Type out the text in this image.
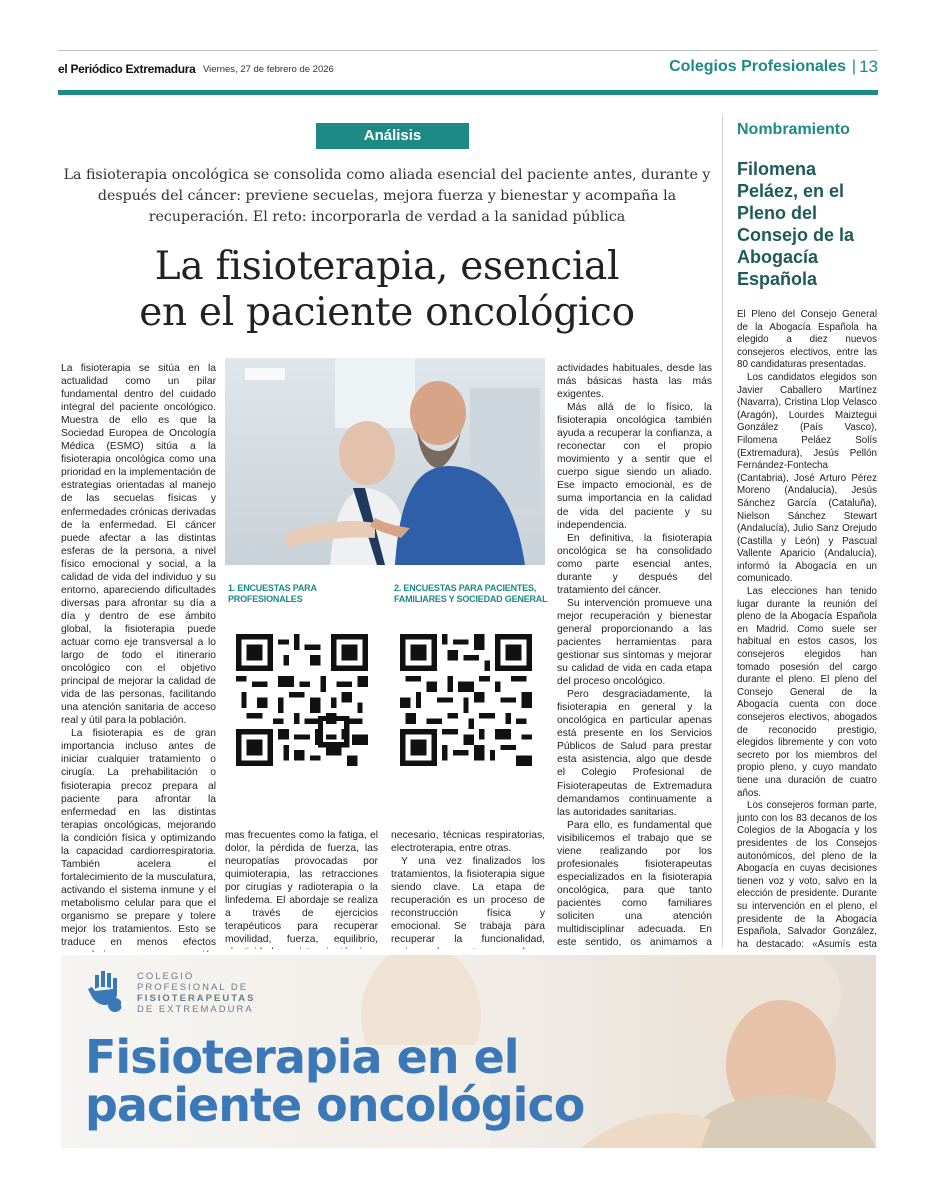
el Periódico Extremadura Viernes, 27 de febrero de 2026	Colegios Profesionales | 13
Análisis
La fisioterapia oncológica se consolida como aliada esencial del paciente antes, durante y después del cáncer: previene secuelas, mejora fuerza y bienestar y acompaña la recuperación. El reto: incorporarla de verdad a la sanidad pública
La fisioterapia, esencial
en el paciente oncológico

La fisioterapia se sitúa en la actualidad como un pilar fundamental dentro del cuidado integral del paciente oncológico. Muestra de ello es que la Sociedad Europea de Oncología Médica (ESMO) sitúa a la fisioterapia oncológica como una prioridad en la implementación de estrategias orientadas al manejo de las secuelas físicas y enfermedades crónicas derivadas de la enfermedad. El cáncer puede afectar a las distintas esferas de la persona, a nivel físico emocional y social, a la calidad de vida del individuo y su entorno, apareciendo dificultades diversas para afrontar su día a día y dentro de ese ámbito global, la fisioterapia puede actuar como eje transversal a lo largo de todo el itinerario oncológico con el objetivo principal de mejorar la calidad de vida de las personas, facilitando una atención sanitaria de acceso real y útil para la población.

La fisioterapia es de gran importancia incluso antes de iniciar cualquier tratamiento o cirugía. La prehabilitación o fisioterapia precoz prepara al paciente para afrontar la enfermedad en las distintas terapias oncológicas, mejorando la condición física y optimizando la capacidad cardiorrespiratoria. También acelera el fortalecimiento de la musculatura, activando el sistema inmune y el metabolismo celular para que el organismo se prepare y tolere mejor los tratamientos. Esto se traduce en menos efectos

1. ENCUESTAS PARA PROFESIONALES
2. ENCUESTAS PARA PACIENTES, FAMILIARES Y SOCIEDAD GENERAL

mas frecuentes como la fatiga, el dolor, la pérdida de fuerza, las neuropatías provocadas por quimioterapia, las retracciones por cirugías y radioterapia o la linfedema. El abordaje se realiza a través de ejercicios terapéuticos para recuperar movilidad, fuerza, equilibrio,

necesario, técnicas respiratorias, electroterapia, entre otras.

Y una vez finalizados los tratamientos, la fisioterapia sigue siendo clave. La etapa de recuperación es un proceso de reconstrucción física y emocional. Se trabaja para recuperar la funcionalidad,

actividades habituales, desde las más básicas hasta las más exigentes.

Más allá de lo físico, la fisioterapia oncológica también ayuda a recuperar la confianza, a reconectar con el propio movimiento y a sentir que el cuerpo sigue siendo un aliado. Ese impacto emocional, es de suma importancia en la calidad de vida del paciente y su independencia.

En definitiva, la fisioterapia oncológica se ha consolidado como parte esencial antes, durante y después del tratamiento del cáncer.

Su intervención promueve una mejor recuperación y bienestar general proporcionando a las pacientes herramientas para gestionar sus síntomas y mejorar su calidad de vida en cada etapa del proceso oncológico.

Pero desgraciadamente, la fisioterapia en general y la oncológica en particular apenas está presente en los Servicios Públicos de Salud para prestar esta asistencia, algo que desde el Colegio Profesional de Fisioterapeutas de Extremadura demandamos continuamente a las autoridades sanitarias.

Para ello, es fundamental que visibilicemos el trabajo que se viene realizando por los profesionales fisioterapeutas especializados en la fisioterapia oncológica, para que tanto pacientes como familiares soliciten una atención multidisciplinar adecuada. En este sentido, os animamos a

Nombramiento
Filomena Peláez, en el Pleno del Consejo de la Abogacía Española

El Pleno del Consejo General de la Abogacía Española ha elegido a diez nuevos consejeros electivos, entre las 80 candidaturas presentadas.

Los candidatos elegidos son Javier Caballero Martínez (Navarra), Cristina Llop Velasco (Aragón), Lourdes Maiztegui González (País Vasco), Filomena Peláez Solís (Extremadura), Jesús Pellón Fernández-Fontecha (Cantabria), José Arturo Pérez Moreno (Andalucía), Jesús Sánchez García (Cataluña), Nielson Sánchez Stewart (Andalucía), Julio Sanz Orejudo (Castilla y León) y Pascual Vallente Aparicio (Andalucía), informó la Abogacía en un comunicado.

Las elecciones han tenido lugar durante la reunión del pleno de la Abogacía Española en Madrid. Como suele ser habitual en estos casos, los consejeros elegidos han tomado posesión del cargo durante el pleno. El pleno del Consejo General de la Abogacía cuenta con doce consejeros electivos, abogados de reconocido prestigio, elegidos libremente y con voto secreto por los miembros del propio pleno, y cuyo mandato tiene una duración de cuatro años.

Los consejeros forman parte, junto con los 83 decanos de los Colegios de la Abogacía y los presidentes de los Consejos autonómicos, del pleno de la Abogacía en cuyas decisiones tienen voz y voto, salvo en la elección de presidente. Durante su intervención en el pleno, el presidente de la Abogacía Española, Salvador González, ha destacado: «Asumís esta

e
COLEGIO
PROFESIONAL DE
FISIOTERAPEUTAS
DE EXTREMADURA
Fisioterapia en el
paciente oncológico
